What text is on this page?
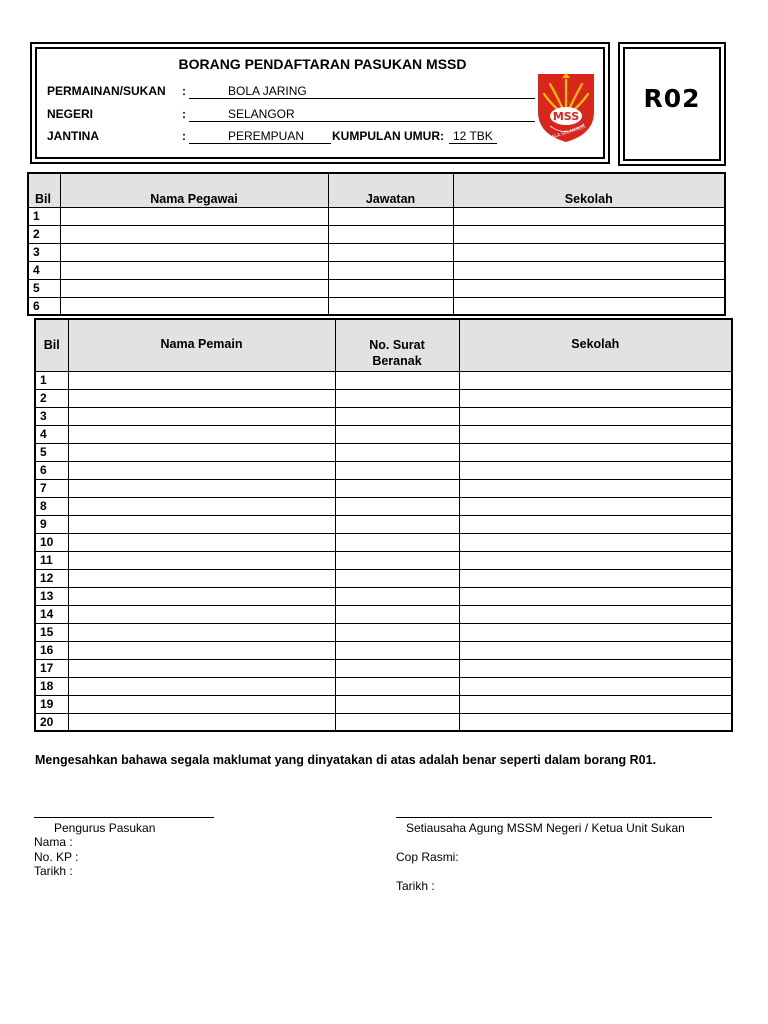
BORANG PENDAFTARAN PASUKAN MSSD
PERMAINAN/SUKAN :	BOLA JARING
NEGERI	:	SELANGOR
JANTINA	:	PEREMPUAN KUMPULAN UMUR: 12 TBK
MSS
KUALA SELANGOR
R02
Bil	Nama Pegawai	Jawatan	Sekolah
1			
2			
3			
4			
5			
6			
Bil	Nama Pemain	No. Surat Beranak	Sekolah
1			
2			
3			
4			
5			
6			
7			
8			
9			
10			
11			
12			
13			
14			
15			
16			
17			
18			
19			
20			
Mengesahkan bahawa segala maklumat yang dinyatakan di atas adalah benar seperti dalam borang R01.
Pengurus Pasukan
Nama :
No. KP :
Tarikh :
Setiausaha Agung MSSM Negeri / Ketua Unit Sukan
Cop Rasmi:
Tarikh :
